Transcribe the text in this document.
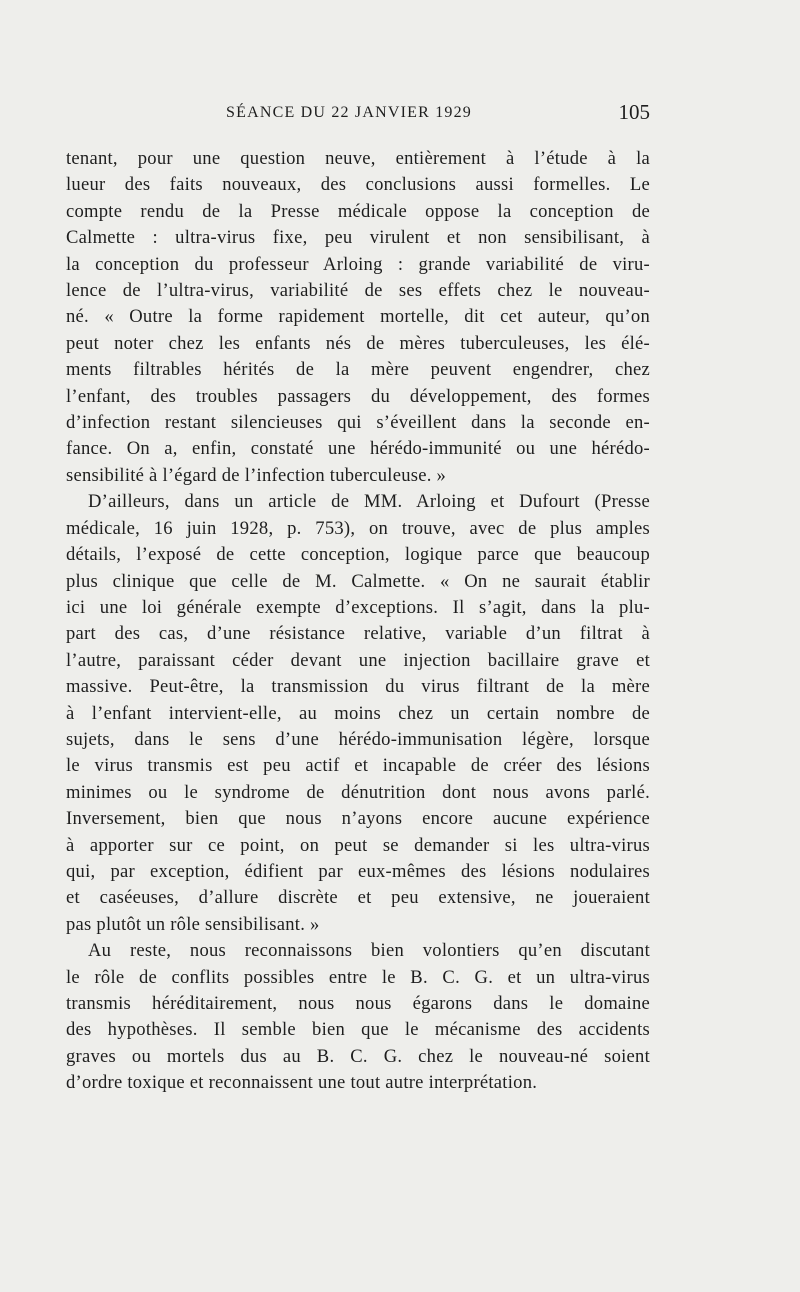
SÉANCE DU 22 JANVIER 1929	105
tenant, pour une question neuve, entièrement à l’étude à la
lueur des faits nouveaux, des conclusions aussi formelles. Le
compte rendu de la Presse médicale oppose la conception de
Calmette : ultra-virus fixe, peu virulent et non sensibilisant, à
la conception du professeur Arloing : grande variabilité de viru-
lence de l’ultra-virus, variabilité de ses effets chez le nouveau-
né. « Outre la forme rapidement mortelle, dit cet auteur, qu’on
peut noter chez les enfants nés de mères tuberculeuses, les élé-
ments filtrables hérités de la mère peuvent engendrer, chez
l’enfant, des troubles passagers du développement, des formes
d’infection restant silencieuses qui s’éveillent dans la seconde en-
fance. On a, enfin, constaté une hérédo-immunité ou une hérédo-
sensibilité à l’égard de l’infection tuberculeuse. »
D’ailleurs, dans un article de MM. Arloing et Dufourt (Presse
médicale, 16 juin 1928, p. 753), on trouve, avec de plus amples
détails, l’exposé de cette conception, logique parce que beaucoup
plus clinique que celle de M. Calmette. « On ne saurait établir
ici une loi générale exempte d’exceptions. Il s’agit, dans la plu-
part des cas, d’une résistance relative, variable d’un filtrat à
l’autre, paraissant céder devant une injection bacillaire grave et
massive. Peut-être, la transmission du virus filtrant de la mère
à l’enfant intervient-elle, au moins chez un certain nombre de
sujets, dans le sens d’une hérédo-immunisation légère, lorsque
le virus transmis est peu actif et incapable de créer des lésions
minimes ou le syndrome de dénutrition dont nous avons parlé.
Inversement, bien que nous n’ayons encore aucune expérience
à apporter sur ce point, on peut se demander si les ultra-virus
qui, par exception, édifient par eux-mêmes des lésions nodulaires
et caséeuses, d’allure discrète et peu extensive, ne joueraient
pas plutôt un rôle sensibilisant. »
Au reste, nous reconnaissons bien volontiers qu’en discutant
le rôle de conflits possibles entre le B. C. G. et un ultra-virus
transmis héréditairement, nous nous égarons dans le domaine
des hypothèses. Il semble bien que le mécanisme des accidents
graves ou mortels dus au B. C. G. chez le nouveau-né soient
d’ordre toxique et reconnaissent une tout autre interprétation.
